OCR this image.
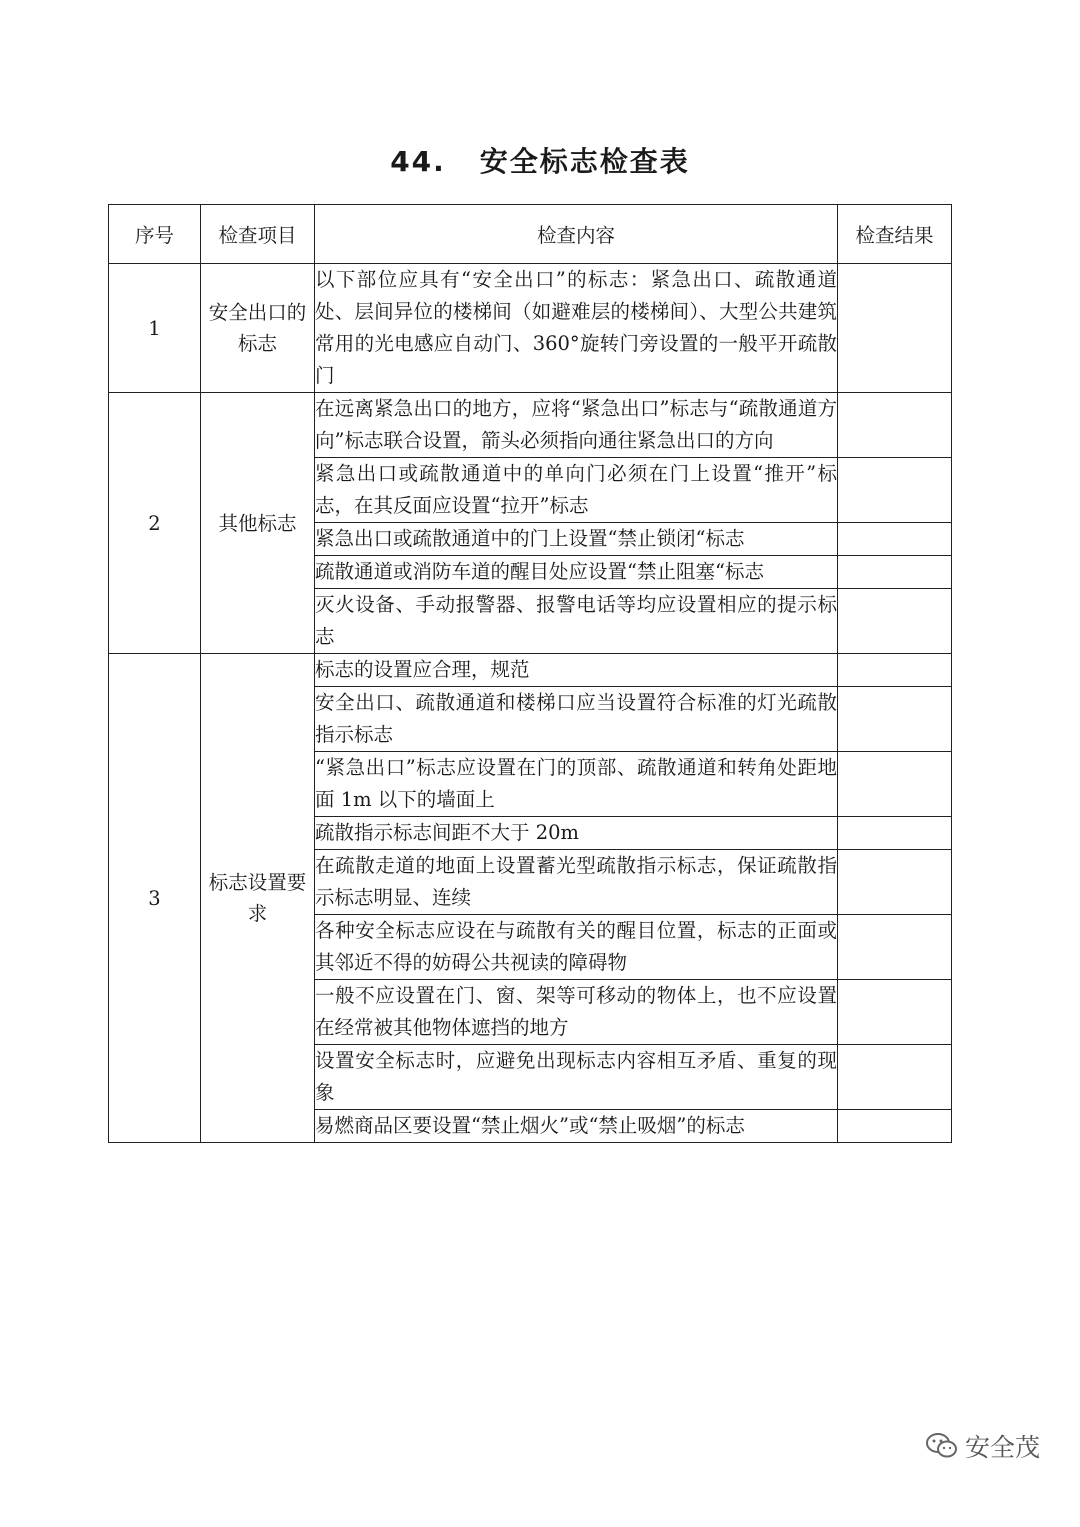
44. 安全标志检查表
序号	检查项目	检查内容	检查结果
1	安全出口的标志	以下部位应具有“安全出口”的标志：紧急出口、疏散通道处、层间异位的楼梯间（如避难层的楼梯间）、大型公共建筑常用的光电感应自动门、360°旋转门旁设置的一般平开疏散门	
2	其他标志	在远离紧急出口的地方，应将“紧急出口”标志与“疏散通道方向”标志联合设置，箭头必须指向通往紧急出口的方向	
		紧急出口或疏散通道中的单向门必须在门上设置“推开”标志，在其反面应设置“拉开”标志	
		紧急出口或疏散通道中的门上设置“禁止锁闭“标志	
		疏散通道或消防车道的醒目处应设置“禁止阻塞“标志	
		灭火设备、手动报警器、报警电话等均应设置相应的提示标志	
3	标志设置要求	标志的设置应合理，规范	
		安全出口、疏散通道和楼梯口应当设置符合标准的灯光疏散指示标志	
		“紧急出口”标志应设置在门的顶部、疏散通道和转角处距地面 1m 以下的墙面上	
		疏散指示标志间距不大于 20m	
		在疏散走道的地面上设置蓄光型疏散指示标志，保证疏散指示标志明显、连续	
		各种安全标志应设在与疏散有关的醒目位置，标志的正面或其邻近不得的妨碍公共视读的障碍物	
		一般不应设置在门、窗、架等可移动的物体上，也不应设置在经常被其他物体遮挡的地方	
		设置安全标志时，应避免出现标志内容相互矛盾、重复的现象	
		易燃商品区要设置“禁止烟火”或“禁止吸烟”的标志	
安全茂
